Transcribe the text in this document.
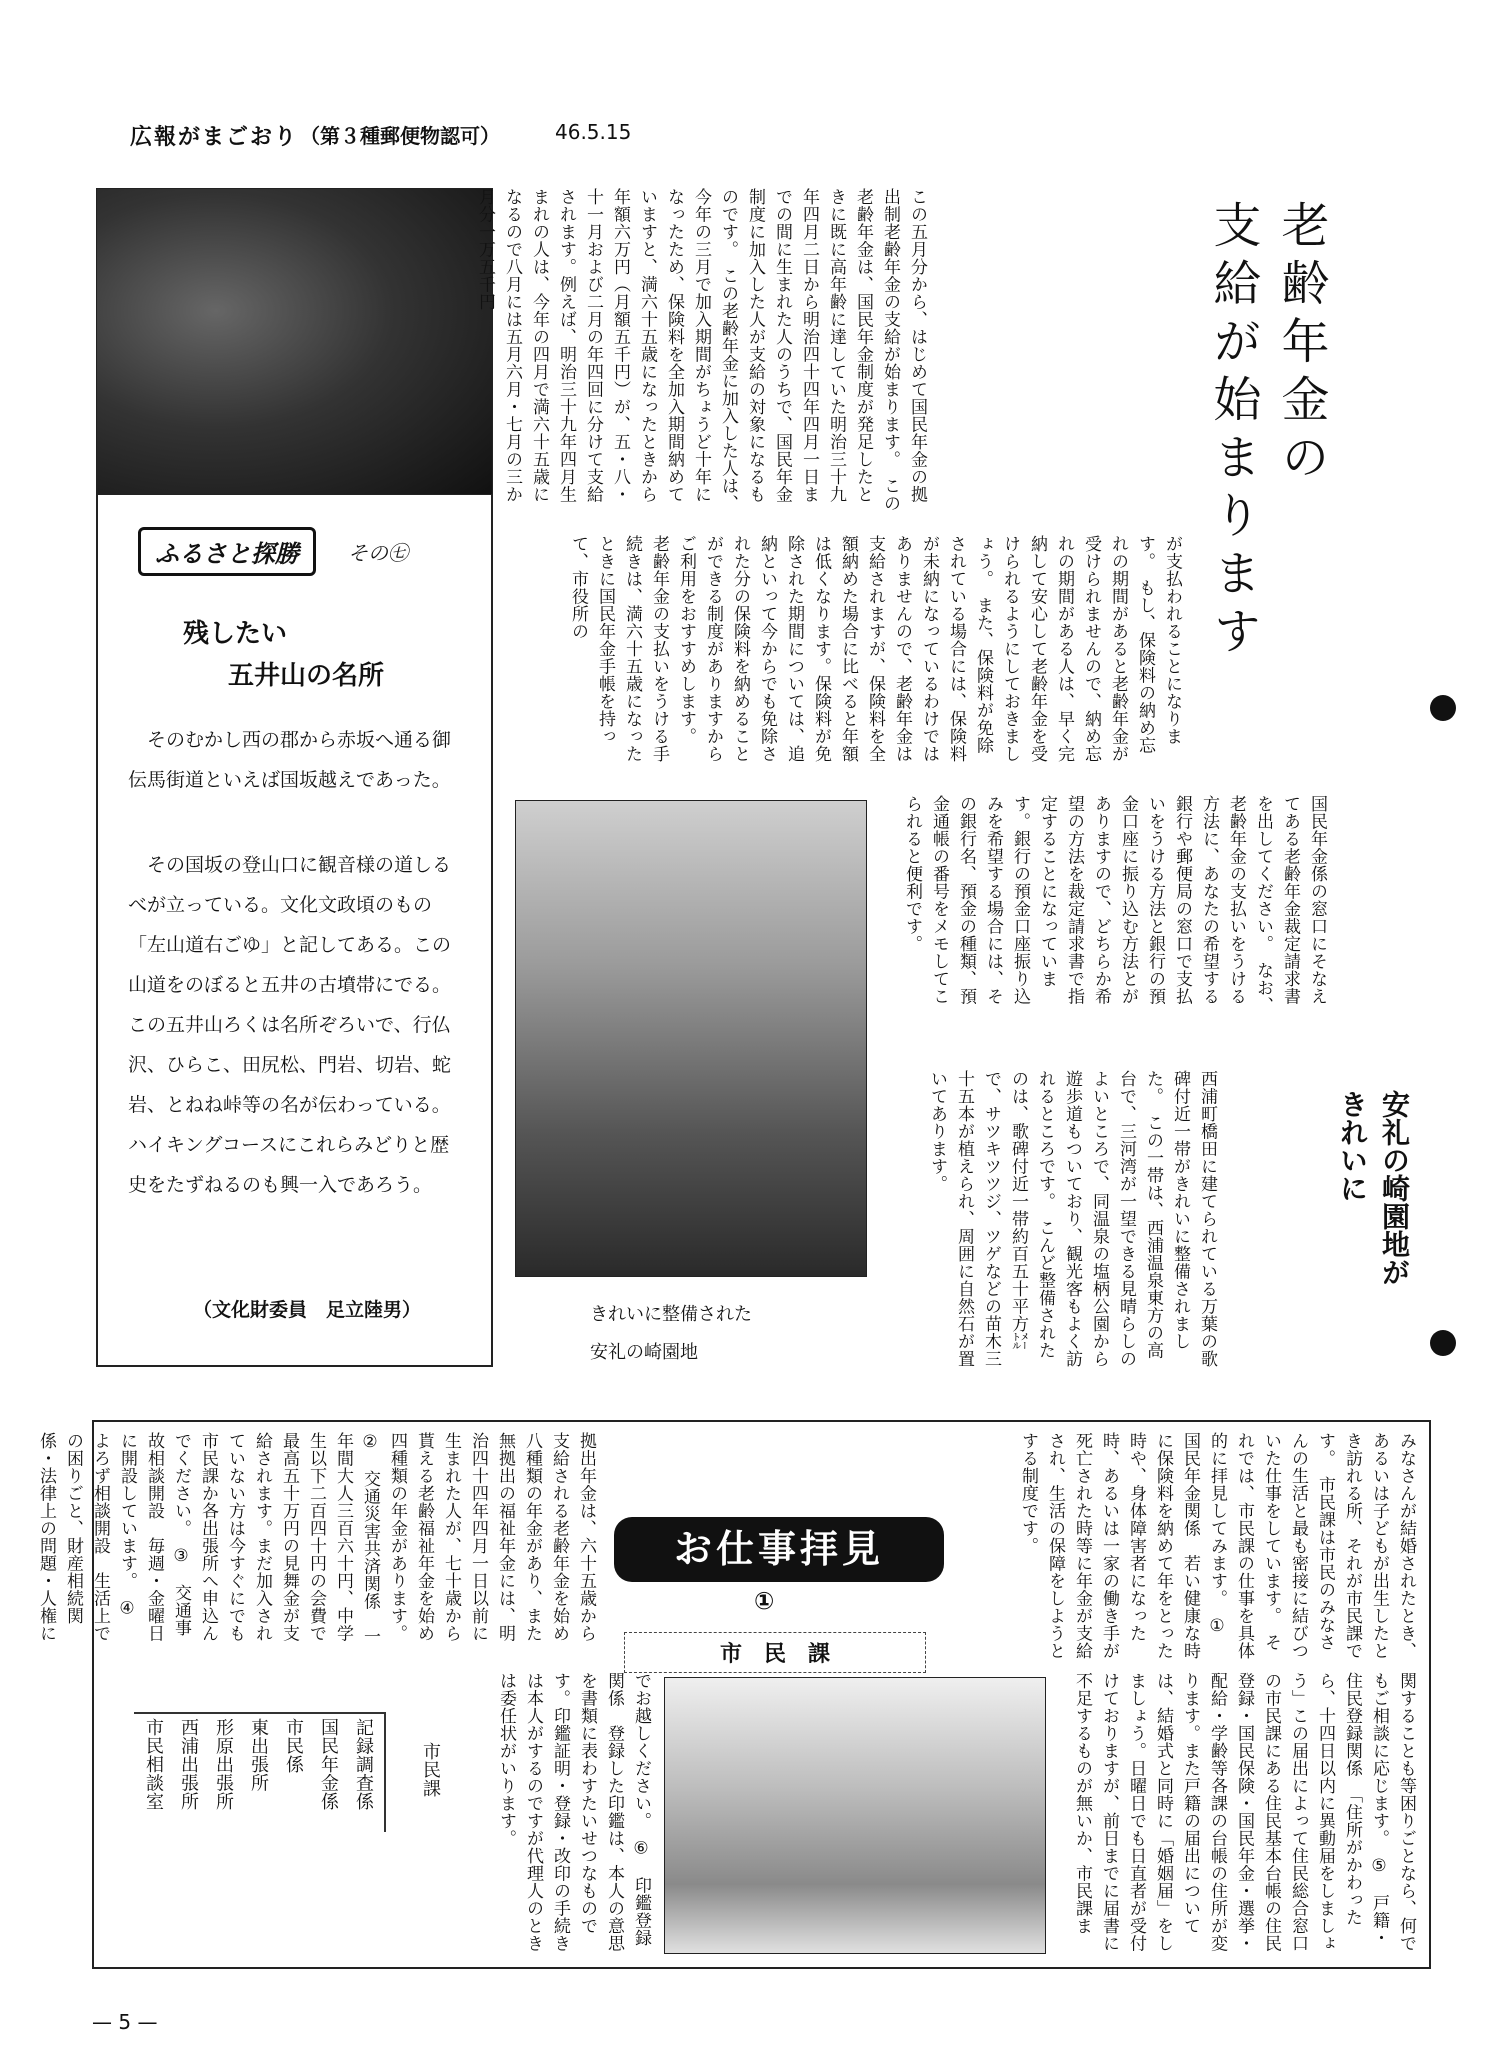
広報がまごおり （第３種郵便物認可）	46.5.15
この五月分から、はじめて国民年金の拠出制老齢年金の支給が始まります。　この老齢年金は、国民年金制度が発足したときに既に高年齢に達していた明治三十九年四月二日から明治四十四年四月一日までの間に生まれた人のうちで、国民年金制度に加入した人が支給の対象になるものです。　この老齢年金に加入した人は、今年の三月で加入期間がちょうど十年になったため、保険料を全加入期間納めていますと、満六十五歳になったときから年額六万円（月額五千円）が、五・八・十一月および二月の年四回に分けて支給されます。例えば、明治三十九年四月生まれの人は、今年の四月で満六十五歳になるので八月には五月六月・七月の三か月分一万五千円
が支払われることになります。　もし、保険料の納め忘れの期間があると老齢年金が受けられませんので、納め忘れの期間がある人は、早く完納して安心して老齢年金を受けられるようにしておきましょう。　また、保険料が免除されている場合には、保険料が未納になっているわけではありませんので、老齢年金は支給されますが、保険料を全額納めた場合に比べると年額は低くなります。保険料が免除された期間については、追納といって今からでも免除された分の保険料を納めることができる制度がありますからご利用をおすすめします。　老齢年金の支払いをうける手続きは、満六十五歳になったときに国民年金手帳を持って、市役所の
国民年金係の窓口にそなえてある老齢年金裁定請求書を出してください。　なお、老齢年金の支払いをうける方法に、あなたの希望する銀行や郵便局の窓口で支払いをうける方法と銀行の預金口座に振り込む方法とがありますので、どちらか希望の方法を裁定請求書で指定することになっています。銀行の預金口座振り込みを希望する場合には、その銀行名、預金の種類、預金通帳の番号をメモしてこられると便利です。
老齢年金の
支給が始まります
ふるさと探勝	その㊆
残したい
五井山の名所
そのむかし西の郡から赤坂へ通る御伝馬街道といえば国坂越えであった。
その国坂の登山口に観音様の道しるべが立っている。文化文政頃のもの「左山道右ごゆ」と記してある。この山道をのぼると五井の古墳帯にでる。この五井山ろくは名所ぞろいで、行仏沢、ひらこ、田尻松、門岩、切岩、蛇岩、とねね峠等の名が伝わっている。ハイキングコースにこれらみどりと歴史をたずねるのも興一入であろう。
（文化財委員　足立陸男）	きれいに整備された
安礼の崎園地	西浦町橋田に建てられている万葉の歌碑付近一帯がきれいに整備されました。　この一帯は、西浦温泉東方の高台で、三河湾が一望できる見晴らしのよいところで、同温泉の塩柄公園から遊歩道もついており、観光客もよく訪れるところです。　こんど整備されたのは、歌碑付近一帯約百五十平方㍍で、サツキツツジ、ツゲなどの苗木三十五本が植えられ、周囲に自然石が置いてあります。	安礼の崎園地が
きれいに
みなさんが結婚されたとき、あるいは子どもが出生したとき訪れる所、それが市民課です。　市民課は市民のみなさんの生活と最も密接に結びついた仕事をしています。　それでは、市民課の仕事を具体的に拝見してみます。　①　国民年金関係　若い健康な時に保険料を納めて年をとった時や、身体障害者になった時、あるいは一家の働き手が死亡された時等に年金が支給され、生活の保障をしようとする制度です。
拠出年金は、六十五歳から支給される老齢年金を始め八種類の年金があり、また無拠出の福祉年金には、明治四十四年四月一日以前に生まれた人が、七十歳から貰える老齢福祉年金を始め四種類の年金があります。　②　交通災害共済関係　一年間大人三百六十円、中学生以下二百四十円の会費で最高五十万円の見舞金が支給されます。まだ加入されていない方は今すぐにでも市民課か各出張所へ申込んでください。　③　交通事故相談開設　毎週・金曜日に開設しています。　④　よろず相談開設　生活上での困りごと、財産相続関係・法律上の問題・人権に
関することも等困りごとなら、何でもご相談に応じます。　⑤　戸籍・住民登録関係　「住所がかわったら、十四日以内に異動届をしましょう」この届出によって住民総合窓口の市民課にある住民基本台帳の住民登録・国民保険・国民年金・選挙・配給・学齢等各課の台帳の住所が変ります。また戸籍の届出については、結婚式と同時に「婚姻届」をしましょう。日曜日でも日直者が受付けておりますが、前日までに届書に不足するものが無いか、市民課ま
でお越しください。　⑥　印鑑登録関係　登録した印鑑は、本人の意思を書類に表わすたいせつなものです。印鑑証明・登録・改印の手続きは本人がするのですが代理人のときは委任状がいります。
お仕事拝見
①
市　民　課
市民課
記録調査係
国民年金係
市民係
東出張所
形原出張所
西浦出張所
市民相談室
— 5 —
